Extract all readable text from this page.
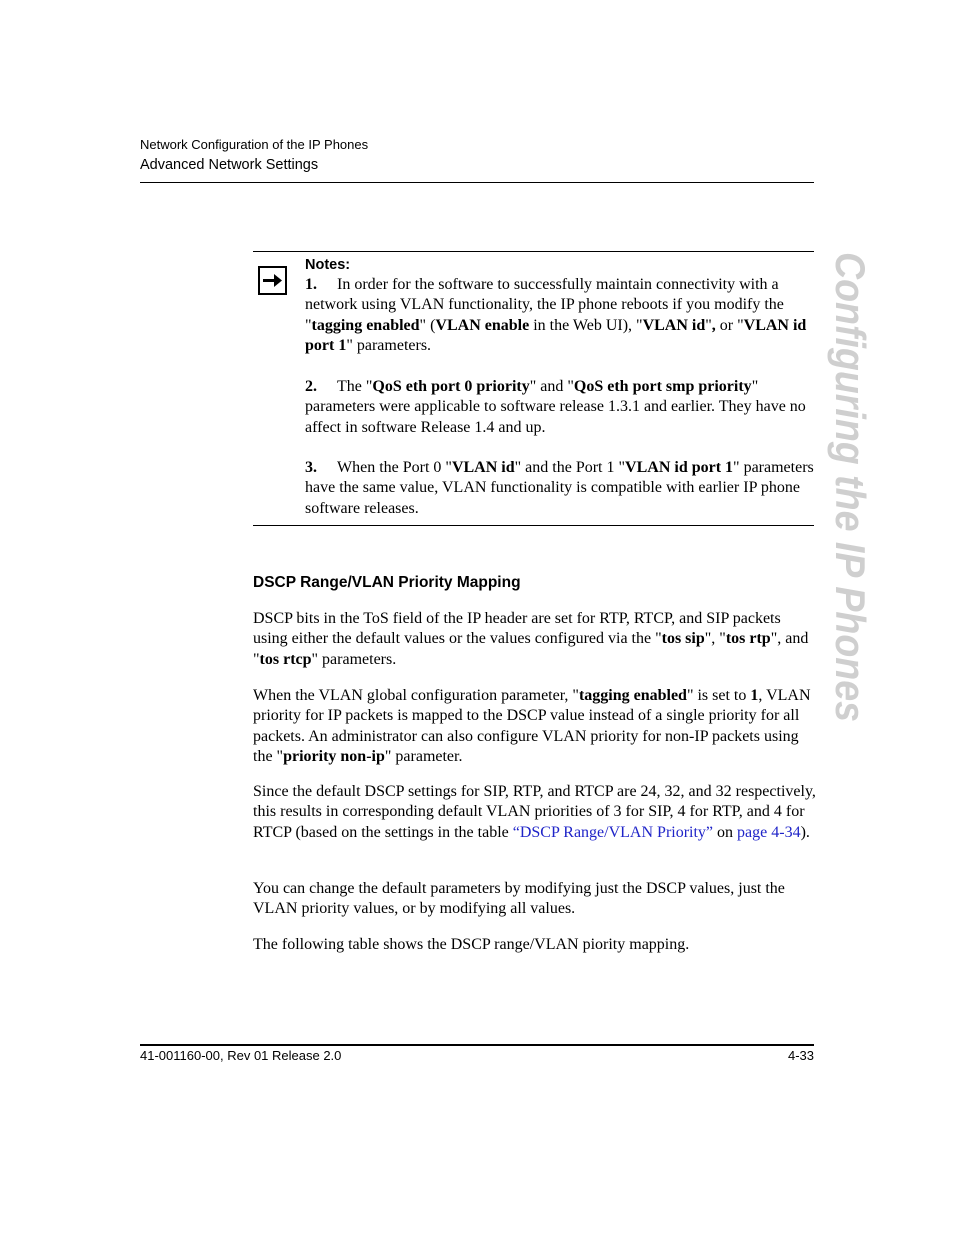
Network Configuration of the IP Phones
Advanced Network Settings
Configuring the IP Phones
Notes:
1. In order for the software to successfully maintain connectivity with a network using VLAN functionality, the IP phone reboots if you modify the "tagging enabled" (VLAN enable in the Web UI), "VLAN id", or "VLAN id port 1" parameters.
2. The "QoS eth port 0 priority" and "QoS eth port smp priority" parameters were applicable to software release 1.3.1 and earlier. They have no affect in software Release 1.4 and up.
3. When the Port 0 "VLAN id" and the Port 1 "VLAN id port 1" parameters have the same value, VLAN functionality is compatible with earlier IP phone software releases.
DSCP Range/VLAN Priority Mapping
DSCP bits in the ToS field of the IP header are set for RTP, RTCP, and SIP packets using either the default values or the values configured via the "tos sip", "tos rtp", and "tos rtcp" parameters.
When the VLAN global configuration parameter, "tagging enabled" is set to 1, VLAN priority for IP packets is mapped to the DSCP value instead of a single priority for all packets. An administrator can also configure VLAN priority for non-IP packets using the "priority non-ip" parameter.
Since the default DSCP settings for SIP, RTP, and RTCP are 24, 32, and 32 respectively, this results in corresponding default VLAN priorities of 3 for SIP, 4 for RTP, and 4 for RTCP (based on the settings in the table “DSCP Range/VLAN Priority” on page 4-34).
You can change the default parameters by modifying just the DSCP values, just the VLAN priority values, or by modifying all values.
The following table shows the DSCP range/VLAN piority mapping.
41-001160-00, Rev 01 Release 2.0	4-33
